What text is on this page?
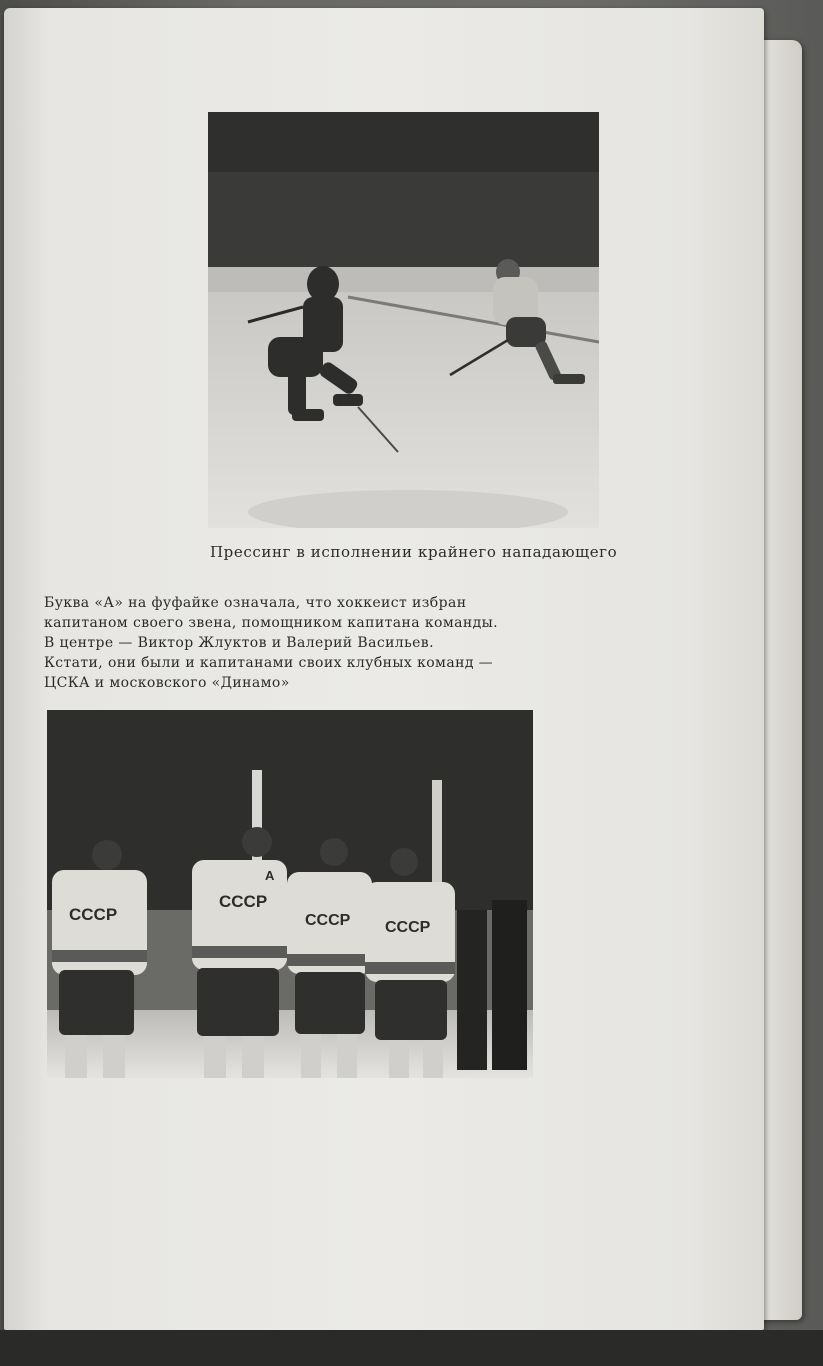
Прессинг в исполнении крайнего нападающего
Буква «А» на фуфайке означала, что хоккеист избран
капитаном своего звена, помощником капитана команды.
В центре — Виктор Жлуктов и Валерий Васильев.
Кстати, они были и капитанами своих клубных команд —
ЦСКА и московского «Динамо»
СССР
СССР
А
СССР СССР
